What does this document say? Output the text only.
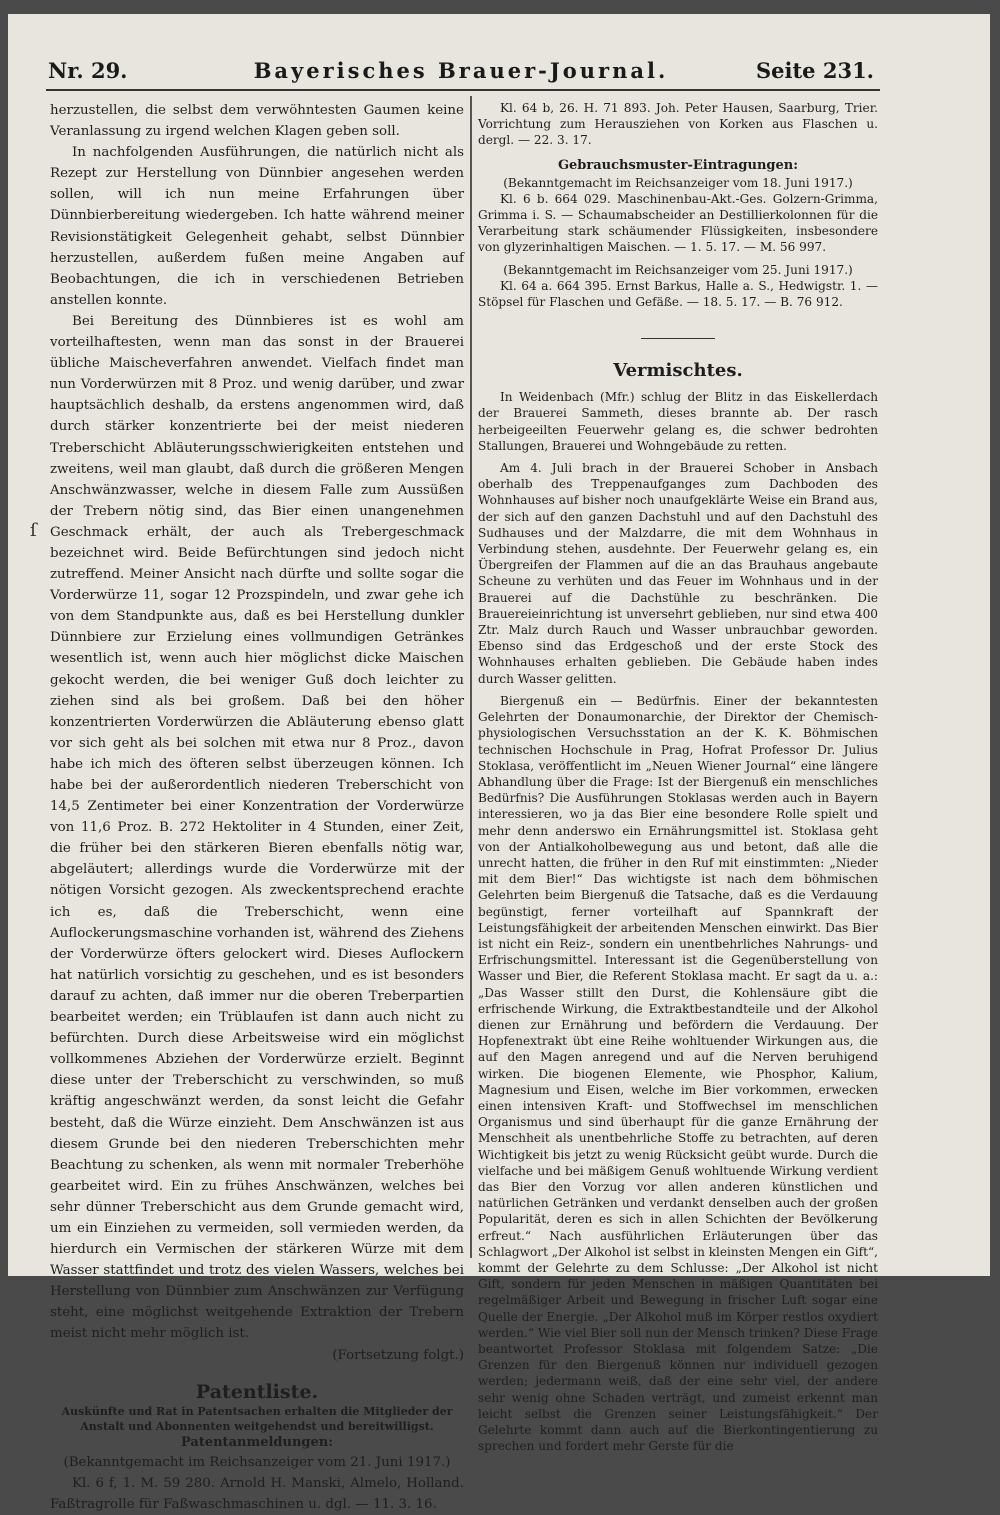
Bayerisches Brauer-Journal.
Nr. 29.	Seite 231.
ſ

herzustellen, die selbst dem verwöhntesten Gaumen keine Veranlassung zu irgend welchen Klagen geben soll.

In nachfolgenden Ausführungen, die natürlich nicht als Rezept zur Herstellung von Dünnbier angesehen werden sollen, will ich nun meine Erfahrungen über Dünnbierbereitung wiedergeben. Ich hatte während meiner Revisionstätigkeit Gelegenheit gehabt, selbst Dünnbier herzustellen, außerdem fußen meine Angaben auf Beobachtungen, die ich in verschiedenen Betrieben anstellen konnte.

Bei Bereitung des Dünnbieres ist es wohl am vorteilhaftesten, wenn man das sonst in der Brauerei übliche Maischeverfahren anwendet. Vielfach findet man nun Vorderwürzen mit 8 Proz. und wenig darüber, und zwar hauptsächlich deshalb, da erstens angenommen wird, daß durch stärker konzentrierte bei der meist niederen Treberschicht Abläuterungsschwierigkeiten entstehen und zweitens, weil man glaubt, daß durch die größeren Mengen Anschwänzwasser, welche in diesem Falle zum Aussüßen der Trebern nötig sind, das Bier einen unangenehmen Geschmack erhält, der auch als Trebergeschmack bezeichnet wird. Beide Befürchtungen sind jedoch nicht zutreffend. Meiner Ansicht nach dürfte und sollte sogar die Vorderwürze 11, sogar 12 Prozspindeln, und zwar gehe ich von dem Standpunkte aus, daß es bei Herstellung dunkler Dünnbiere zur Erzielung eines vollmundigen Getränkes wesentlich ist, wenn auch hier möglichst dicke Maischen gekocht werden, die bei weniger Guß doch leichter zu ziehen sind als bei großem. Daß bei den höher konzentrierten Vorderwürzen die Abläuterung ebenso glatt vor sich geht als bei solchen mit etwa nur 8 Proz., davon habe ich mich des öfteren selbst überzeugen können. Ich habe bei der außerordentlich niederen Treberschicht von 14,5 Zentimeter bei einer Konzentration der Vorderwürze von 11,6 Proz. B. 272 Hektoliter in 4 Stunden, einer Zeit, die früher bei den stärkeren Bieren ebenfalls nötig war, abgeläutert; allerdings wurde die Vorderwürze mit der nötigen Vorsicht gezogen. Als zweckentsprechend erachte ich es, daß die Treberschicht, wenn eine Auflockerungsmaschine vorhanden ist, während des Ziehens der Vorderwürze öfters gelockert wird. Dieses Auflockern hat natürlich vorsichtig zu geschehen, und es ist besonders darauf zu achten, daß immer nur die oberen Treberpartien bearbeitet werden; ein Trüblaufen ist dann auch nicht zu befürchten. Durch diese Arbeitsweise wird ein möglichst vollkommenes Abziehen der Vorderwürze erzielt. Beginnt diese unter der Treberschicht zu verschwinden, so muß kräftig angeschwänzt werden, da sonst leicht die Gefahr besteht, daß die Würze einzieht. Dem Anschwänzen ist aus diesem Grunde bei den niederen Treberschichten mehr Beachtung zu schenken, als wenn mit normaler Treberhöhe gearbeitet wird. Ein zu frühes Anschwänzen, welches bei sehr dünner Treberschicht aus dem Grunde gemacht wird, um ein Einziehen zu vermeiden, soll vermieden werden, da hierdurch ein Vermischen der stärkeren Würze mit dem Wasser stattfindet und trotz des vielen Wassers, welches bei Herstellung von Dünnbier zum Anschwänzen zur Verfügung steht, eine möglichst weitgehende Extraktion der Trebern meist nicht mehr möglich ist.

(Fortsetzung folgt.)

Patentliste.

Auskünfte und Rat in Patentsachen erhalten die Mitglieder der Anstalt und Abonnenten weitgehendst und bereitwilligst.

Patentanmeldungen:

(Bekanntgemacht im Reichsanzeiger vom 21. Juni 1917.)

Kl. 6 f, 1. M. 59 280. Arnold H. Manski, Almelo, Holland. Faßtragrolle für Faßwaschmaschinen u. dgl. — 11. 3. 16.

Kl. 64 b, 26. H. 71 893. Joh. Peter Hausen, Saarburg, Trier. Vorrichtung zum Herausziehen von Korken aus Flaschen u. dergl. — 22. 3. 17.

Gebrauchsmuster-Eintragungen:

(Bekanntgemacht im Reichsanzeiger vom 18. Juni 1917.)

Kl. 6 b. 664 029. Maschinenbau-Akt.-Ges. Golzern-Grimma, Grimma i. S. — Schaumabscheider an Destillierkolonnen für die Verarbeitung stark schäumender Flüssigkeiten, insbesondere von glyzerinhaltigen Maischen. — 1. 5. 17. — M. 56 997.

(Bekanntgemacht im Reichsanzeiger vom 25. Juni 1917.)

Kl. 64 a. 664 395. Ernst Barkus, Halle a. S., Hedwigstr. 1. — Stöpsel für Flaschen und Gefäße. — 18. 5. 17. — B. 76 912.

Vermischtes.

In Weidenbach (Mfr.) schlug der Blitz in das Eiskellerdach der Brauerei Sammeth, dieses brannte ab. Der rasch herbeigeeilten Feuerwehr gelang es, die schwer bedrohten Stallungen, Brauerei und Wohngebäude zu retten.

Am 4. Juli brach in der Brauerei Schober in Ansbach oberhalb des Treppenaufganges zum Dachboden des Wohnhauses auf bisher noch unaufgeklärte Weise ein Brand aus, der sich auf den ganzen Dachstuhl und auf den Dachstuhl des Sudhauses und der Malzdarre, die mit dem Wohnhaus in Verbindung stehen, ausdehnte. Der Feuerwehr gelang es, ein Übergreifen der Flammen auf die an das Brauhaus angebaute Scheune zu verhüten und das Feuer im Wohnhaus und in der Brauerei auf die Dachstühle zu beschränken. Die Brauereieinrichtung ist unversehrt geblieben, nur sind etwa 400 Ztr. Malz durch Rauch und Wasser unbrauchbar geworden. Ebenso sind das Erdgeschoß und der erste Stock des Wohnhauses erhalten geblieben. Die Gebäude haben indes durch Wasser gelitten.

Biergenuß ein — Bedürfnis. Einer der bekanntesten Gelehrten der Donaumonarchie, der Direktor der Chemisch-physiologischen Versuchsstation an der K. K. Böhmischen technischen Hochschule in Prag, Hofrat Professor Dr. Julius Stoklasa, veröffentlicht im „Neuen Wiener Journal“ eine längere Abhandlung über die Frage: Ist der Biergenuß ein menschliches Bedürfnis? Die Ausführungen Stoklasas werden auch in Bayern interessieren, wo ja das Bier eine besondere Rolle spielt und mehr denn anderswo ein Ernährungsmittel ist. Stoklasa geht von der Antialkoholbewegung aus und betont, daß alle die unrecht hatten, die früher in den Ruf mit einstimmten: „Nieder mit dem Bier!“ Das wichtigste ist nach dem böhmischen Gelehrten beim Biergenuß die Tatsache, daß es die Verdauung begünstigt, ferner vorteilhaft auf Spannkraft der Leistungsfähigkeit der arbeitenden Menschen einwirkt. Das Bier ist nicht ein Reiz-, sondern ein unentbehrliches Nahrungs- und Erfrischungsmittel. Interessant ist die Gegenüberstellung von Wasser und Bier, die Referent Stoklasa macht. Er sagt da u. a.: „Das Wasser stillt den Durst, die Kohlensäure gibt die erfrischende Wirkung, die Extraktbestandteile und der Alkohol dienen zur Ernährung und befördern die Verdauung. Der Hopfenextrakt übt eine Reihe wohltuender Wirkungen aus, die auf den Magen anregend und auf die Nerven beruhigend wirken. Die biogenen Elemente, wie Phosphor, Kalium, Magnesium und Eisen, welche im Bier vorkommen, erwecken einen intensiven Kraft- und Stoffwechsel im menschlichen Organismus und sind überhaupt für die ganze Ernährung der Menschheit als unentbehrliche Stoffe zu betrachten, auf deren Wichtigkeit bis jetzt zu wenig Rücksicht geübt wurde. Durch die vielfache und bei mäßigem Genuß wohltuende Wirkung verdient das Bier den Vorzug vor allen anderen künstlichen und natürlichen Getränken und verdankt denselben auch der großen Popularität, deren es sich in allen Schichten der Bevölkerung erfreut.“ Nach ausführlichen Erläuterungen über das Schlagwort „Der Alkohol ist selbst in kleinsten Mengen ein Gift“, kommt der Gelehrte zu dem Schlusse: „Der Alkohol ist nicht Gift, sondern für jeden Menschen in mäßigen Quantitäten bei regelmäßiger Arbeit und Bewegung in frischer Luft sogar eine Quelle der Energie. „Der Alkohol muß im Körper restlos oxydiert werden.“ Wie viel Bier soll nun der Mensch trinken? Diese Frage beantwortet Professor Stoklasa mit folgendem Satze: „Die Grenzen für den Biergenuß können nur individuell gezogen werden; jedermann weiß, daß der eine sehr viel, der andere sehr wenig ohne Schaden verträgt, und zumeist erkennt man leicht selbst die Grenzen seiner Leistungsfähigkeit.“ Der Gelehrte kommt dann auch auf die Bierkontingentierung zu sprechen und fordert mehr Gerste für die
